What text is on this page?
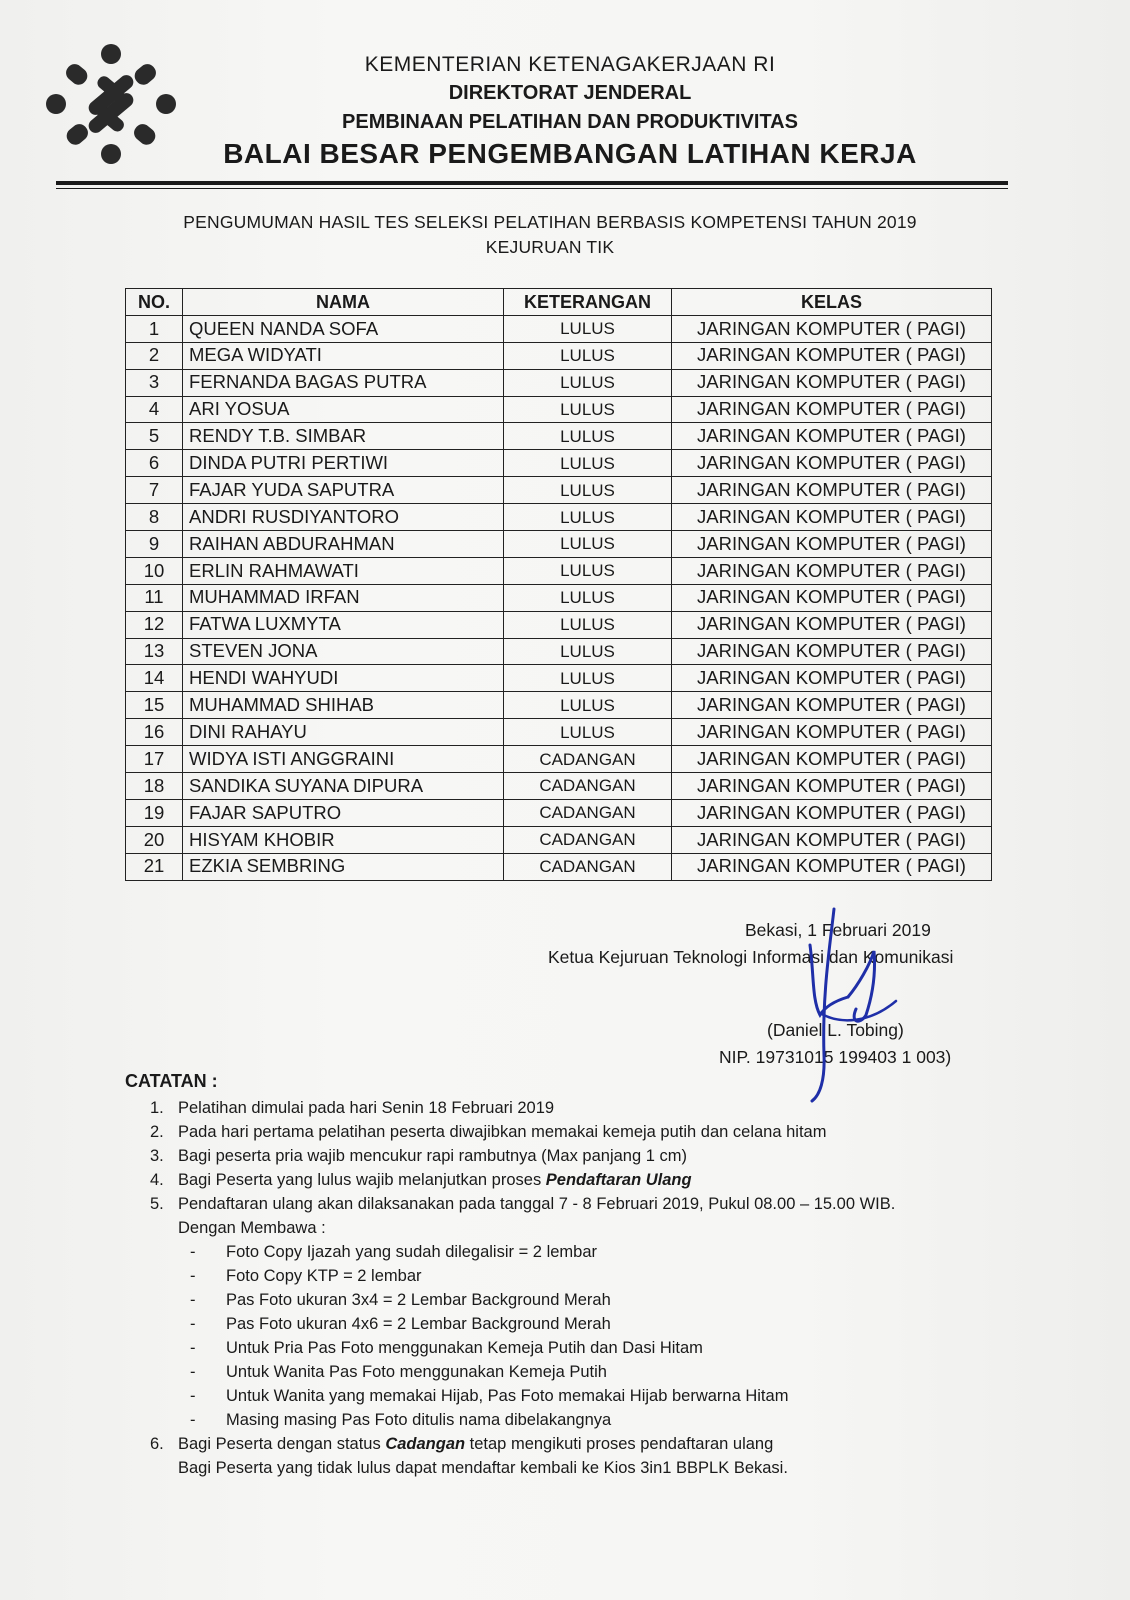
KEMENTERIAN KETENAGAKERJAAN RI
DIREKTORAT JENDERAL
PEMBINAAN PELATIHAN DAN PRODUKTIVITAS
BALAI BESAR PENGEMBANGAN LATIHAN KERJA
PENGUMUMAN HASIL TES SELEKSI PELATIHAN BERBASIS KOMPETENSI TAHUN 2019
KEJURUAN TIK
NO.	NAMA	KETERANGAN	KELAS
1	QUEEN NANDA SOFA	LULUS	JARINGAN KOMPUTER ( PAGI)
2	MEGA WIDYATI	LULUS	JARINGAN KOMPUTER ( PAGI)
3	FERNANDA BAGAS PUTRA	LULUS	JARINGAN KOMPUTER ( PAGI)
4	ARI YOSUA	LULUS	JARINGAN KOMPUTER ( PAGI)
5	RENDY T.B. SIMBAR	LULUS	JARINGAN KOMPUTER ( PAGI)
6	DINDA PUTRI PERTIWI	LULUS	JARINGAN KOMPUTER ( PAGI)
7	FAJAR YUDA SAPUTRA	LULUS	JARINGAN KOMPUTER ( PAGI)
8	ANDRI RUSDIYANTORO	LULUS	JARINGAN KOMPUTER ( PAGI)
9	RAIHAN ABDURAHMAN	LULUS	JARINGAN KOMPUTER ( PAGI)
10	ERLIN RAHMAWATI	LULUS	JARINGAN KOMPUTER ( PAGI)
11	MUHAMMAD IRFAN	LULUS	JARINGAN KOMPUTER ( PAGI)
12	FATWA LUXMYTA	LULUS	JARINGAN KOMPUTER ( PAGI)
13	STEVEN JONA	LULUS	JARINGAN KOMPUTER ( PAGI)
14	HENDI WAHYUDI	LULUS	JARINGAN KOMPUTER ( PAGI)
15	MUHAMMAD SHIHAB	LULUS	JARINGAN KOMPUTER ( PAGI)
16	DINI RAHAYU	LULUS	JARINGAN KOMPUTER ( PAGI)
17	WIDYA ISTI ANGGRAINI	CADANGAN	JARINGAN KOMPUTER ( PAGI)
18	SANDIKA SUYANA DIPURA	CADANGAN	JARINGAN KOMPUTER ( PAGI)
19	FAJAR SAPUTRO	CADANGAN	JARINGAN KOMPUTER ( PAGI)
20	HISYAM KHOBIR	CADANGAN	JARINGAN KOMPUTER ( PAGI)
21	EZKIA SEMBRING	CADANGAN	JARINGAN KOMPUTER ( PAGI)
Bekasi, 1 Februari 2019
Ketua Kejuruan Teknologi Informasi dan Komunikasi
(Daniel L. Tobing)
NIP. 19731015 199403 1 003)
CATATAN :
1. Pelatihan dimulai pada hari Senin 18 Februari 2019
2. Pada hari pertama pelatihan peserta diwajibkan memakai kemeja putih dan celana hitam
3. Bagi peserta pria wajib mencukur rapi rambutnya (Max panjang 1 cm)
4. Bagi Peserta yang lulus wajib melanjutkan proses Pendaftaran Ulang
5. Pendaftaran ulang akan dilaksanakan pada tanggal 7 - 8 Februari 2019, Pukul 08.00 – 15.00 WIB.
Dengan Membawa :
- Foto Copy Ijazah yang sudah dilegalisir = 2 lembar
- Foto Copy KTP = 2 lembar
- Pas Foto ukuran 3x4 = 2 Lembar Background Merah
- Pas Foto ukuran 4x6 = 2 Lembar Background Merah
- Untuk Pria Pas Foto menggunakan Kemeja Putih dan Dasi Hitam
- Untuk Wanita Pas Foto menggunakan Kemeja Putih
- Untuk Wanita yang memakai Hijab, Pas Foto memakai Hijab berwarna Hitam
- Masing masing Pas Foto ditulis nama dibelakangnya
6. Bagi Peserta dengan status Cadangan tetap mengikuti proses pendaftaran ulang
Bagi Peserta yang tidak lulus dapat mendaftar kembali ke Kios 3in1 BBPLK Bekasi.
